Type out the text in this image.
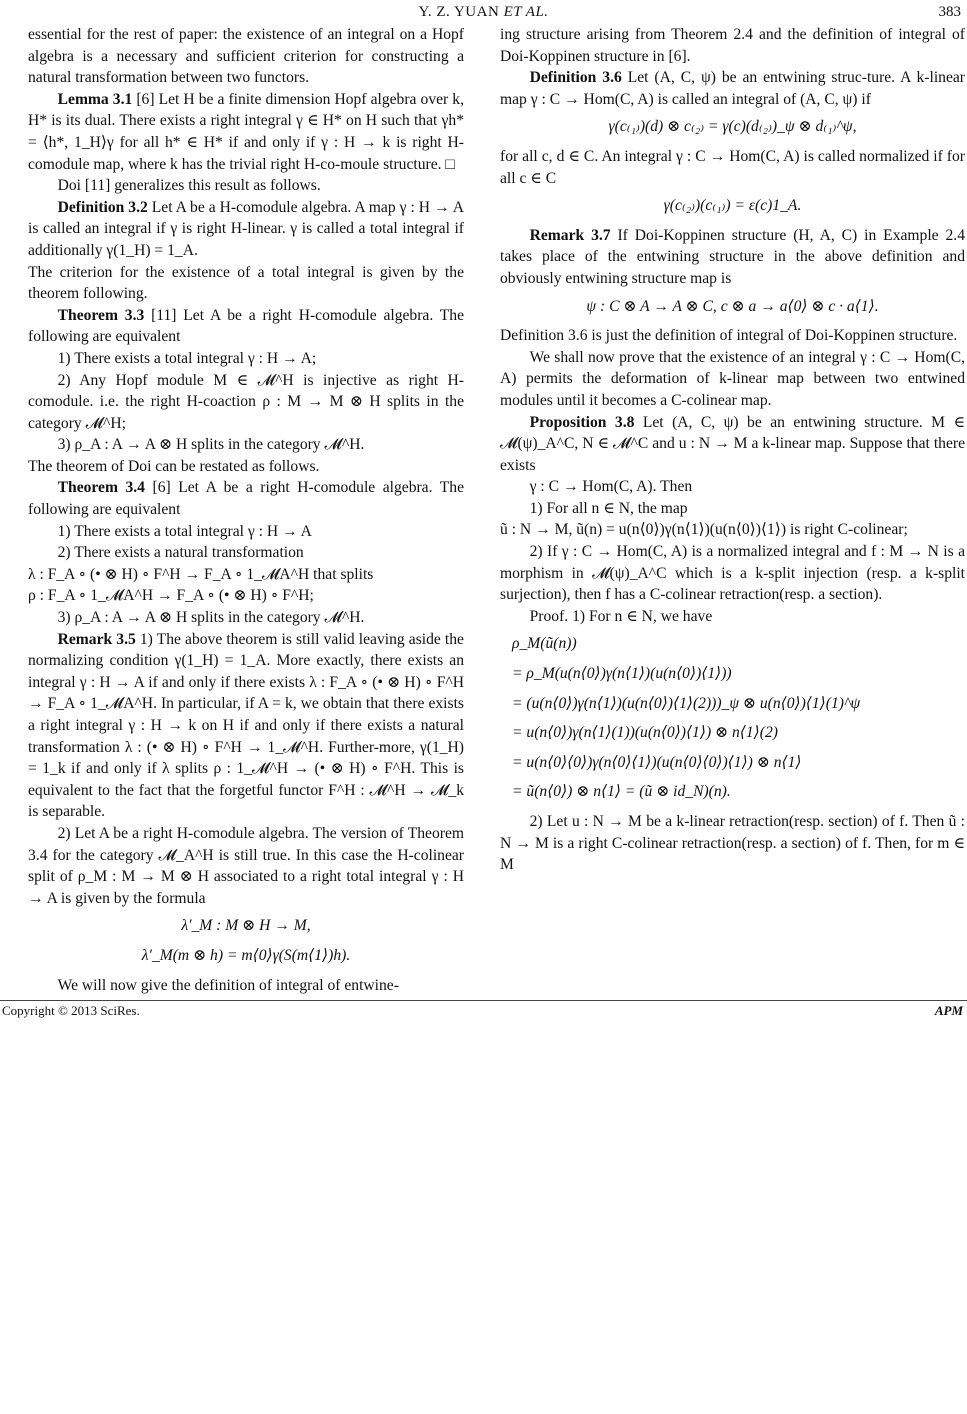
Y. Z. YUAN ET AL.	383

essential for the rest of paper: the existence of an integral on a Hopf algebra is a necessary and sufficient criterion for constructing a natural transformation between two functors.

Lemma 3.1 [6] Let H be a finite dimension Hopf algebra over k, H* is its dual. There exists a right integral γ ∈ H* on H such that γh* = ⟨h*, 1_H⟩γ for all h* ∈ H* if and only if γ : H → k is right H-comodule map, where k has the trivial right H-co-moule structure. □

Doi [11] generalizes this result as follows.

Definition 3.2 Let A be a H-comodule algebra. A map γ : H → A is called an integral if γ is right H-linear. γ is called a total integral if additionally γ(1_H) = 1_A.

The criterion for the existence of a total integral is given by the theorem following.

Theorem 3.3 [11] Let A be a right H-comodule algebra. The following are equivalent

1) There exists a total integral γ : H → A;

2) Any Hopf module M ∈ 𝓜^H is injective as right H-comodule. i.e. the right H-coaction ρ : M → M ⊗ H splits in the category 𝓜^H;

3) ρ_A : A → A ⊗ H splits in the category 𝓜^H.

The theorem of Doi can be restated as follows.

Theorem 3.4 [6] Let A be a right H-comodule algebra. The following are equivalent

1) There exists a total integral γ : H → A

2) There exists a natural transformation

λ : F_A ∘ (• ⊗ H) ∘ F^H → F_A ∘ 1_𝓜A^H that splits

ρ : F_A ∘ 1_𝓜A^H → F_A ∘ (• ⊗ H) ∘ F^H;

3) ρ_A : A → A ⊗ H splits in the category 𝓜^H.

Remark 3.5 1) The above theorem is still valid leaving aside the normalizing condition γ(1_H) = 1_A. More exactly, there exists an integral γ : H → A if and only if there exists λ : F_A ∘ (• ⊗ H) ∘ F^H → F_A ∘ 1_𝓜A^H. In particular, if A = k, we obtain that there exists a right integral γ : H → k on H if and only if there exists a natural transformation λ : (• ⊗ H) ∘ F^H → 1_𝓜^H. Further-more, γ(1_H) = 1_k if and only if λ splits ρ : 1_𝓜^H → (• ⊗ H) ∘ F^H. This is equivalent to the fact that the forgetful functor F^H : 𝓜^H → 𝓜_k is separable.

2) Let A be a right H-comodule algebra. The version of Theorem 3.4 for the category 𝓜_A^H is still true. In this case the H-colinear split of ρ_M : M → M ⊗ H associated to a right total integral γ : H → A is given by the formula

λ′_M : M ⊗ H → M,

λ′_M(m ⊗ h) = m⟨0⟩γ(S(m⟨1⟩)h).

We will now give the definition of integral of entwine-

ing structure arising from Theorem 2.4 and the definition of integral of Doi-Koppinen structure in [6].

Definition 3.6 Let (A, C, ψ) be an entwining struc-ture. A k-linear map γ : C → Hom(C, A) is called an integral of (A, C, ψ) if

γ(c₍₁₎)(d) ⊗ c₍₂₎ = γ(c)(d₍₂₎)_ψ ⊗ d₍₁₎^ψ,

for all c, d ∈ C. An integral γ : C → Hom(C, A) is called normalized if for all c ∈ C

γ(c₍₂₎)(c₍₁₎) = ε(c)1_A.

Remark 3.7 If Doi-Koppinen structure (H, A, C) in Example 2.4 takes place of the entwining structure in the above definition and obviously entwining structure map is

ψ : C ⊗ A → A ⊗ C, c ⊗ a → a⟨0⟩ ⊗ c · a⟨1⟩.

Definition 3.6 is just the definition of integral of Doi-Koppinen structure.

We shall now prove that the existence of an integral γ : C → Hom(C, A) permits the deformation of k-linear map between two entwined modules until it becomes a C-colinear map.

Proposition 3.8 Let (A, C, ψ) be an entwining structure. M ∈ 𝓜(ψ)_A^C, N ∈ 𝓜^C and u : N → M a k-linear map. Suppose that there exists

γ : C → Hom(C, A). Then

1) For all n ∈ N, the map

ũ : N → M, ũ(n) = u(n⟨0⟩)γ(n⟨1⟩)(u(n⟨0⟩)⟨1⟩) is right C-colinear;

2) If γ : C → Hom(C, A) is a normalized integral and f : M → N is a morphism in 𝓜(ψ)_A^C which is a k-split injection (resp. a k-split surjection), then f has a C-colinear retraction(resp. a section).

Proof. 1) For n ∈ N, we have

ρ_M(ũ(n))

= ρ_M(u(n⟨0⟩)γ(n⟨1⟩)(u(n⟨0⟩)⟨1⟩))

= (u(n⟨0⟩)γ(n⟨1⟩)(u(n⟨0⟩)⟨1⟩(2)))_ψ ⊗ u(n⟨0⟩)⟨1⟩(1)^ψ

= u(n⟨0⟩)γ(n⟨1⟩(1))(u(n⟨0⟩)⟨1⟩) ⊗ n⟨1⟩(2)

= u(n⟨0⟩⟨0⟩)γ(n⟨0⟩⟨1⟩)(u(n⟨0⟩⟨0⟩)⟨1⟩) ⊗ n⟨1⟩

= ũ(n⟨0⟩) ⊗ n⟨1⟩ = (ũ ⊗ id_N)(n).

2) Let u : N → M be a k-linear retraction(resp. section) of f. Then ũ : N → M is a right C-colinear retraction(resp. a section) of f. Then, for m ∈ M

Copyright © 2013 SciRes.	APM
